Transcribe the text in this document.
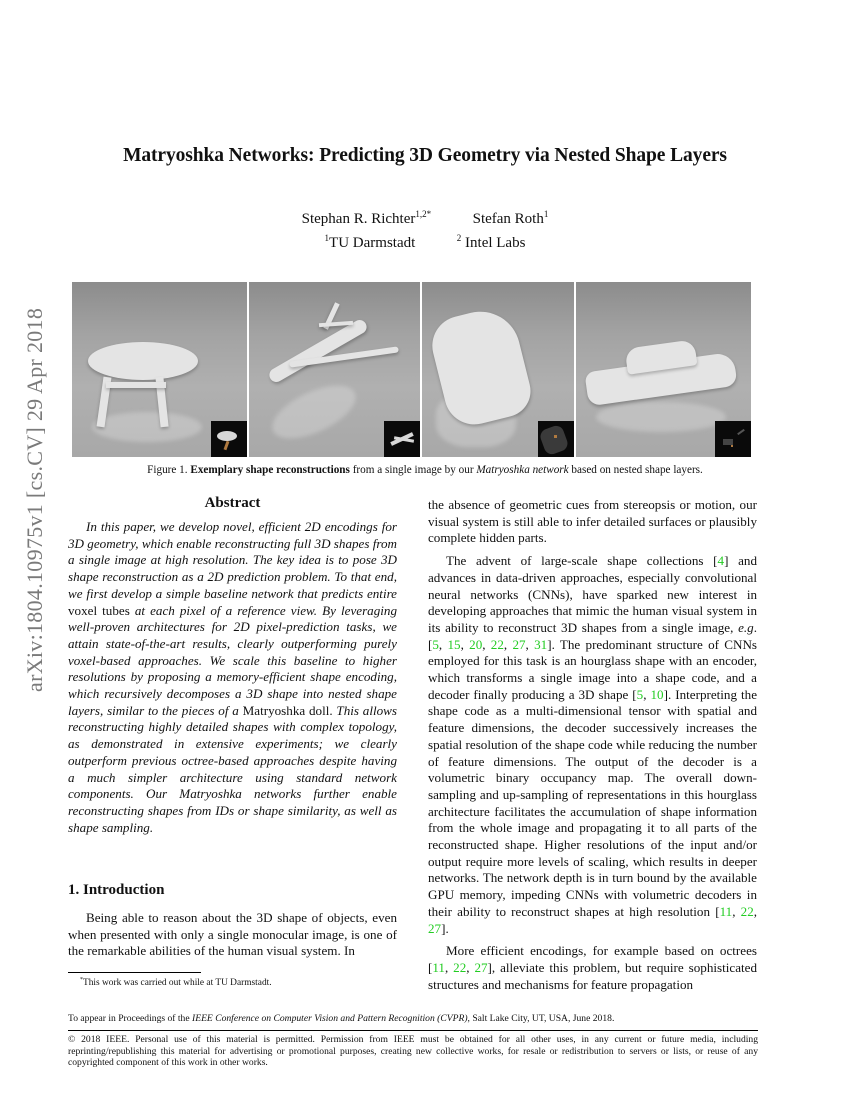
arXiv:1804.10975v1 [cs.CV] 29 Apr 2018
Matryoshka Networks: Predicting 3D Geometry via Nested Shape Layers
Stephan R. Richter$^{1,2*}$	Stefan Roth$^1$
$^1$TU Darmstadt	$^2$ Intel Labs
Figure 1. Exemplary shape reconstructions from a single image by our Matryoshka network based on nested shape layers.
Abstract

In this paper, we develop novel, efficient 2D encodings for 3D geometry, which enable reconstructing full 3D shapes from a single image at high resolution. The key idea is to pose 3D shape reconstruction as a 2D prediction problem. To that end, we first develop a simple baseline network that predicts entire voxel tubes at each pixel of a reference view. By leveraging well-proven architectures for 2D pixel-prediction tasks, we attain state-of-the-art results, clearly outperforming purely voxel-based approaches. We scale this baseline to higher resolutions by proposing a memory-efficient shape encoding, which recursively decomposes a 3D shape into nested shape layers, similar to the pieces of a Matryoshka doll. This allows reconstructing highly detailed shapes with complex topology, as demonstrated in extensive experiments; we clearly outperform previous octree-based approaches despite having a much simpler architecture using standard network components. Our Matryoshka networks further enable reconstructing shapes from IDs or shape similarity, as well as shape sampling.

1. Introduction

Being able to reason about the 3D shape of objects, even when presented with only a single monocular image, is one of the remarkable abilities of the human visual system. In

*This work was carried out while at TU Darmstadt.

the absence of geometric cues from stereopsis or motion, our visual system is still able to infer detailed surfaces or plausibly complete hidden parts.

The advent of large-scale shape collections [4] and advances in data-driven approaches, especially convolutional neural networks (CNNs), have sparked new interest in developing approaches that mimic the human visual system in its ability to reconstruct 3D shapes from a single image, e.g. [5, 15, 20, 22, 27, 31]. The predominant structure of CNNs employed for this task is an hourglass shape with an encoder, which transforms a single image into a shape code, and a decoder finally producing a 3D shape [5, 10]. Interpreting the shape code as a multi-dimensional tensor with spatial and feature dimensions, the decoder successively increases the spatial resolution of the shape code while reducing the number of feature dimensions. The output of the decoder is a volumetric binary occupancy map. The overall down-sampling and up-sampling of representations in this hourglass architecture facilitates the accumulation of shape information from the whole image and propagating it to all parts of the reconstructed shape. Higher resolutions of the input and/or output require more levels of scaling, which results in deeper networks. The network depth is in turn bound by the available GPU memory, impeding CNNs with volumetric decoders in their ability to reconstruct shapes at high resolution [11, 22, 27].

More efficient encodings, for example based on octrees [11, 22, 27], alleviate this problem, but require sophisticated structures and mechanisms for feature propagation

To appear in Proceedings of the IEEE Conference on Computer Vision and Pattern Recognition (CVPR), Salt Lake City, UT, USA, June 2018.
© 2018 IEEE. Personal use of this material is permitted. Permission from IEEE must be obtained for all other uses, in any current or future media, including reprinting/republishing this material for advertising or promotional purposes, creating new collective works, for resale or redistribution to servers or lists, or reuse of any copyrighted component of this work in other works.
